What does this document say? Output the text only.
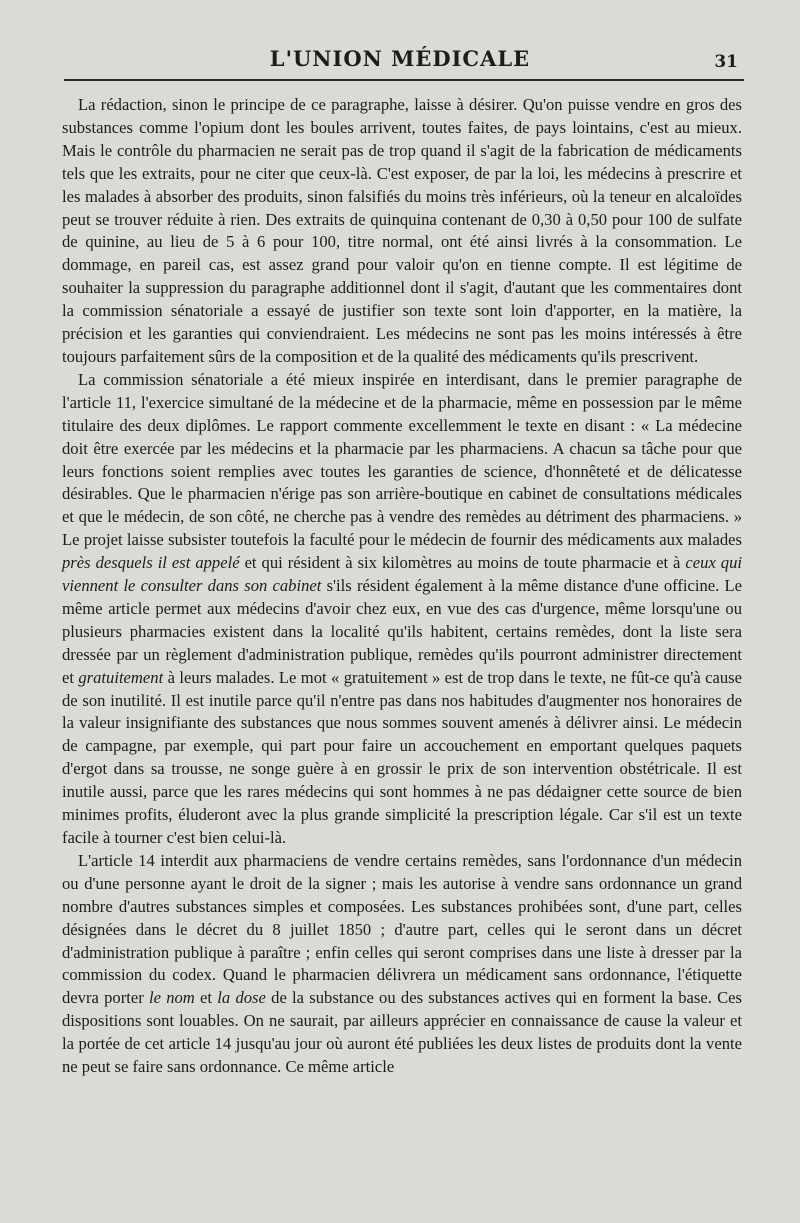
L'UNION MÉDICALE	31

La rédaction, sinon le principe de ce paragraphe, laisse à désirer. Qu'on puisse vendre en gros des substances comme l'opium dont les boules arrivent, toutes faites, de pays lointains, c'est au mieux. Mais le contrôle du pharmacien ne serait pas de trop quand il s'agit de la fabrication de médicaments tels que les extraits, pour ne citer que ceux-là. C'est exposer, de par la loi, les médecins à prescrire et les malades à absorber des produits, sinon falsifiés du moins très inférieurs, où la teneur en alcaloïdes peut se trouver réduite à rien. Des extraits de quinquina contenant de 0,30 à 0,50 pour 100 de sulfate de quinine, au lieu de 5 à 6 pour 100, titre normal, ont été ainsi livrés à la consommation. Le dommage, en pareil cas, est assez grand pour valoir qu'on en tienne compte. Il est légitime de souhaiter la suppression du paragraphe additionnel dont il s'agit, d'autant que les commentaires dont la commission sénatoriale a essayé de justifier son texte sont loin d'apporter, en la matière, la précision et les garanties qui conviendraient. Les médecins ne sont pas les moins intéressés à être toujours parfaitement sûrs de la composition et de la qualité des médicaments qu'ils prescrivent.

La commission sénatoriale a été mieux inspirée en interdisant, dans le premier paragraphe de l'article 11, l'exercice simultané de la médecine et de la pharmacie, même en possession par le même titulaire des deux diplômes. Le rapport commente excellemment le texte en disant : « La médecine doit être exercée par les médecins et la pharmacie par les pharmaciens. A chacun sa tâche pour que leurs fonctions soient remplies avec toutes les garanties de science, d'honnêteté et de délicatesse désirables. Que le pharmacien n'érige pas son arrière-boutique en cabinet de consultations médicales et que le médecin, de son côté, ne cherche pas à vendre des remèdes au détriment des pharmaciens. » Le projet laisse subsister toutefois la faculté pour le médecin de fournir des médicaments aux malades près desquels il est appelé et qui résident à six kilomètres au moins de toute pharmacie et à ceux qui viennent le consulter dans son cabinet s'ils résident également à la même distance d'une officine. Le même article permet aux médecins d'avoir chez eux, en vue des cas d'urgence, même lorsqu'une ou plusieurs pharmacies existent dans la localité qu'ils habitent, certains remèdes, dont la liste sera dressée par un règlement d'administration publique, remèdes qu'ils pourront administrer directement et gratuitement à leurs malades. Le mot « gratuitement » est de trop dans le texte, ne fût-ce qu'à cause de son inutilité. Il est inutile parce qu'il n'entre pas dans nos habitudes d'augmenter nos honoraires de la valeur insignifiante des substances que nous sommes souvent amenés à délivrer ainsi. Le médecin de campagne, par exemple, qui part pour faire un accouchement en emportant quelques paquets d'ergot dans sa trousse, ne songe guère à en grossir le prix de son intervention obstétricale. Il est inutile aussi, parce que les rares médecins qui sont hommes à ne pas dédaigner cette source de bien minimes profits, éluderont avec la plus grande simplicité la prescription légale. Car s'il est un texte facile à tourner c'est bien celui-là.

L'article 14 interdit aux pharmaciens de vendre certains remèdes, sans l'ordonnance d'un médecin ou d'une personne ayant le droit de la signer ; mais les autorise à vendre sans ordonnance un grand nombre d'autres substances simples et composées. Les substances prohibées sont, d'une part, celles désignées dans le décret du 8 juillet 1850 ; d'autre part, celles qui le seront dans un décret d'administration publique à paraître ; enfin celles qui seront comprises dans une liste à dresser par la commission du codex. Quand le pharmacien délivrera un médicament sans ordonnance, l'étiquette devra porter le nom et la dose de la substance ou des substances actives qui en forment la base. Ces dispositions sont louables. On ne saurait, par ailleurs apprécier en connaissance de cause la valeur et la portée de cet article 14 jusqu'au jour où auront été publiées les deux listes de produits dont la vente ne peut se faire sans ordonnance. Ce même article
